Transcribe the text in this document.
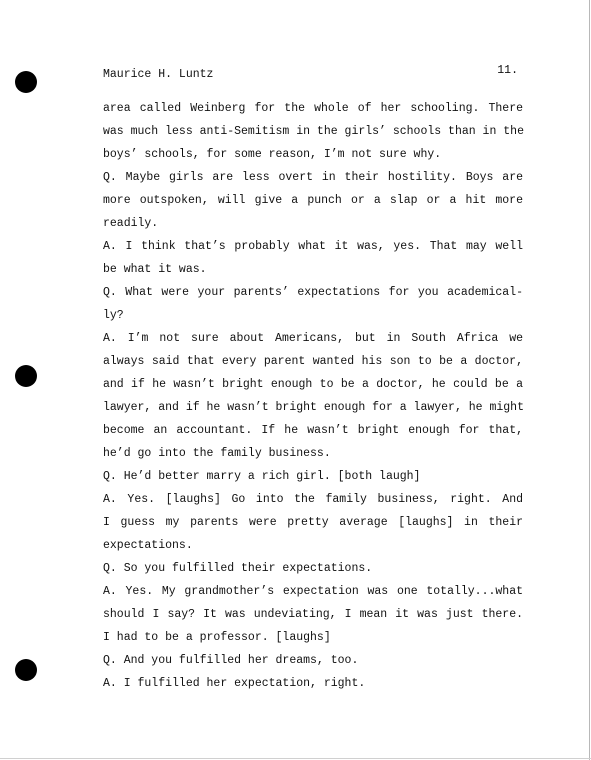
Maurice H. Luntz	11.
area called Weinberg for the whole of her schooling. There
was much less anti-Semitism in the girls’ schools than in the
boys’ schools, for some reason, I’m not sure why.
Q. Maybe girls are less overt in their hostility. Boys are
more outspoken, will give a punch or a slap or a hit more
readily.
A. I think that’s probably what it was, yes. That may well
be what it was.
Q. What were your parents’ expectations for you academical-
ly?
A. I’m not sure about Americans, but in South Africa we
always said that every parent wanted his son to be a doctor,
and if he wasn’t bright enough to be a doctor, he could be a
lawyer, and if he wasn’t bright enough for a lawyer, he might
become an accountant. If he wasn’t bright enough for that,
he’d go into the family business.
Q. He’d better marry a rich girl. [both laugh]
A. Yes. [laughs] Go into the family business, right. And
I guess my parents were pretty average [laughs] in their
expectations.
Q. So you fulfilled their expectations.
A. Yes. My grandmother’s expectation was one totally...what
should I say? It was undeviating, I mean it was just there.
I had to be a professor. [laughs]
Q. And you fulfilled her dreams, too.
A. I fulfilled her expectation, right.
